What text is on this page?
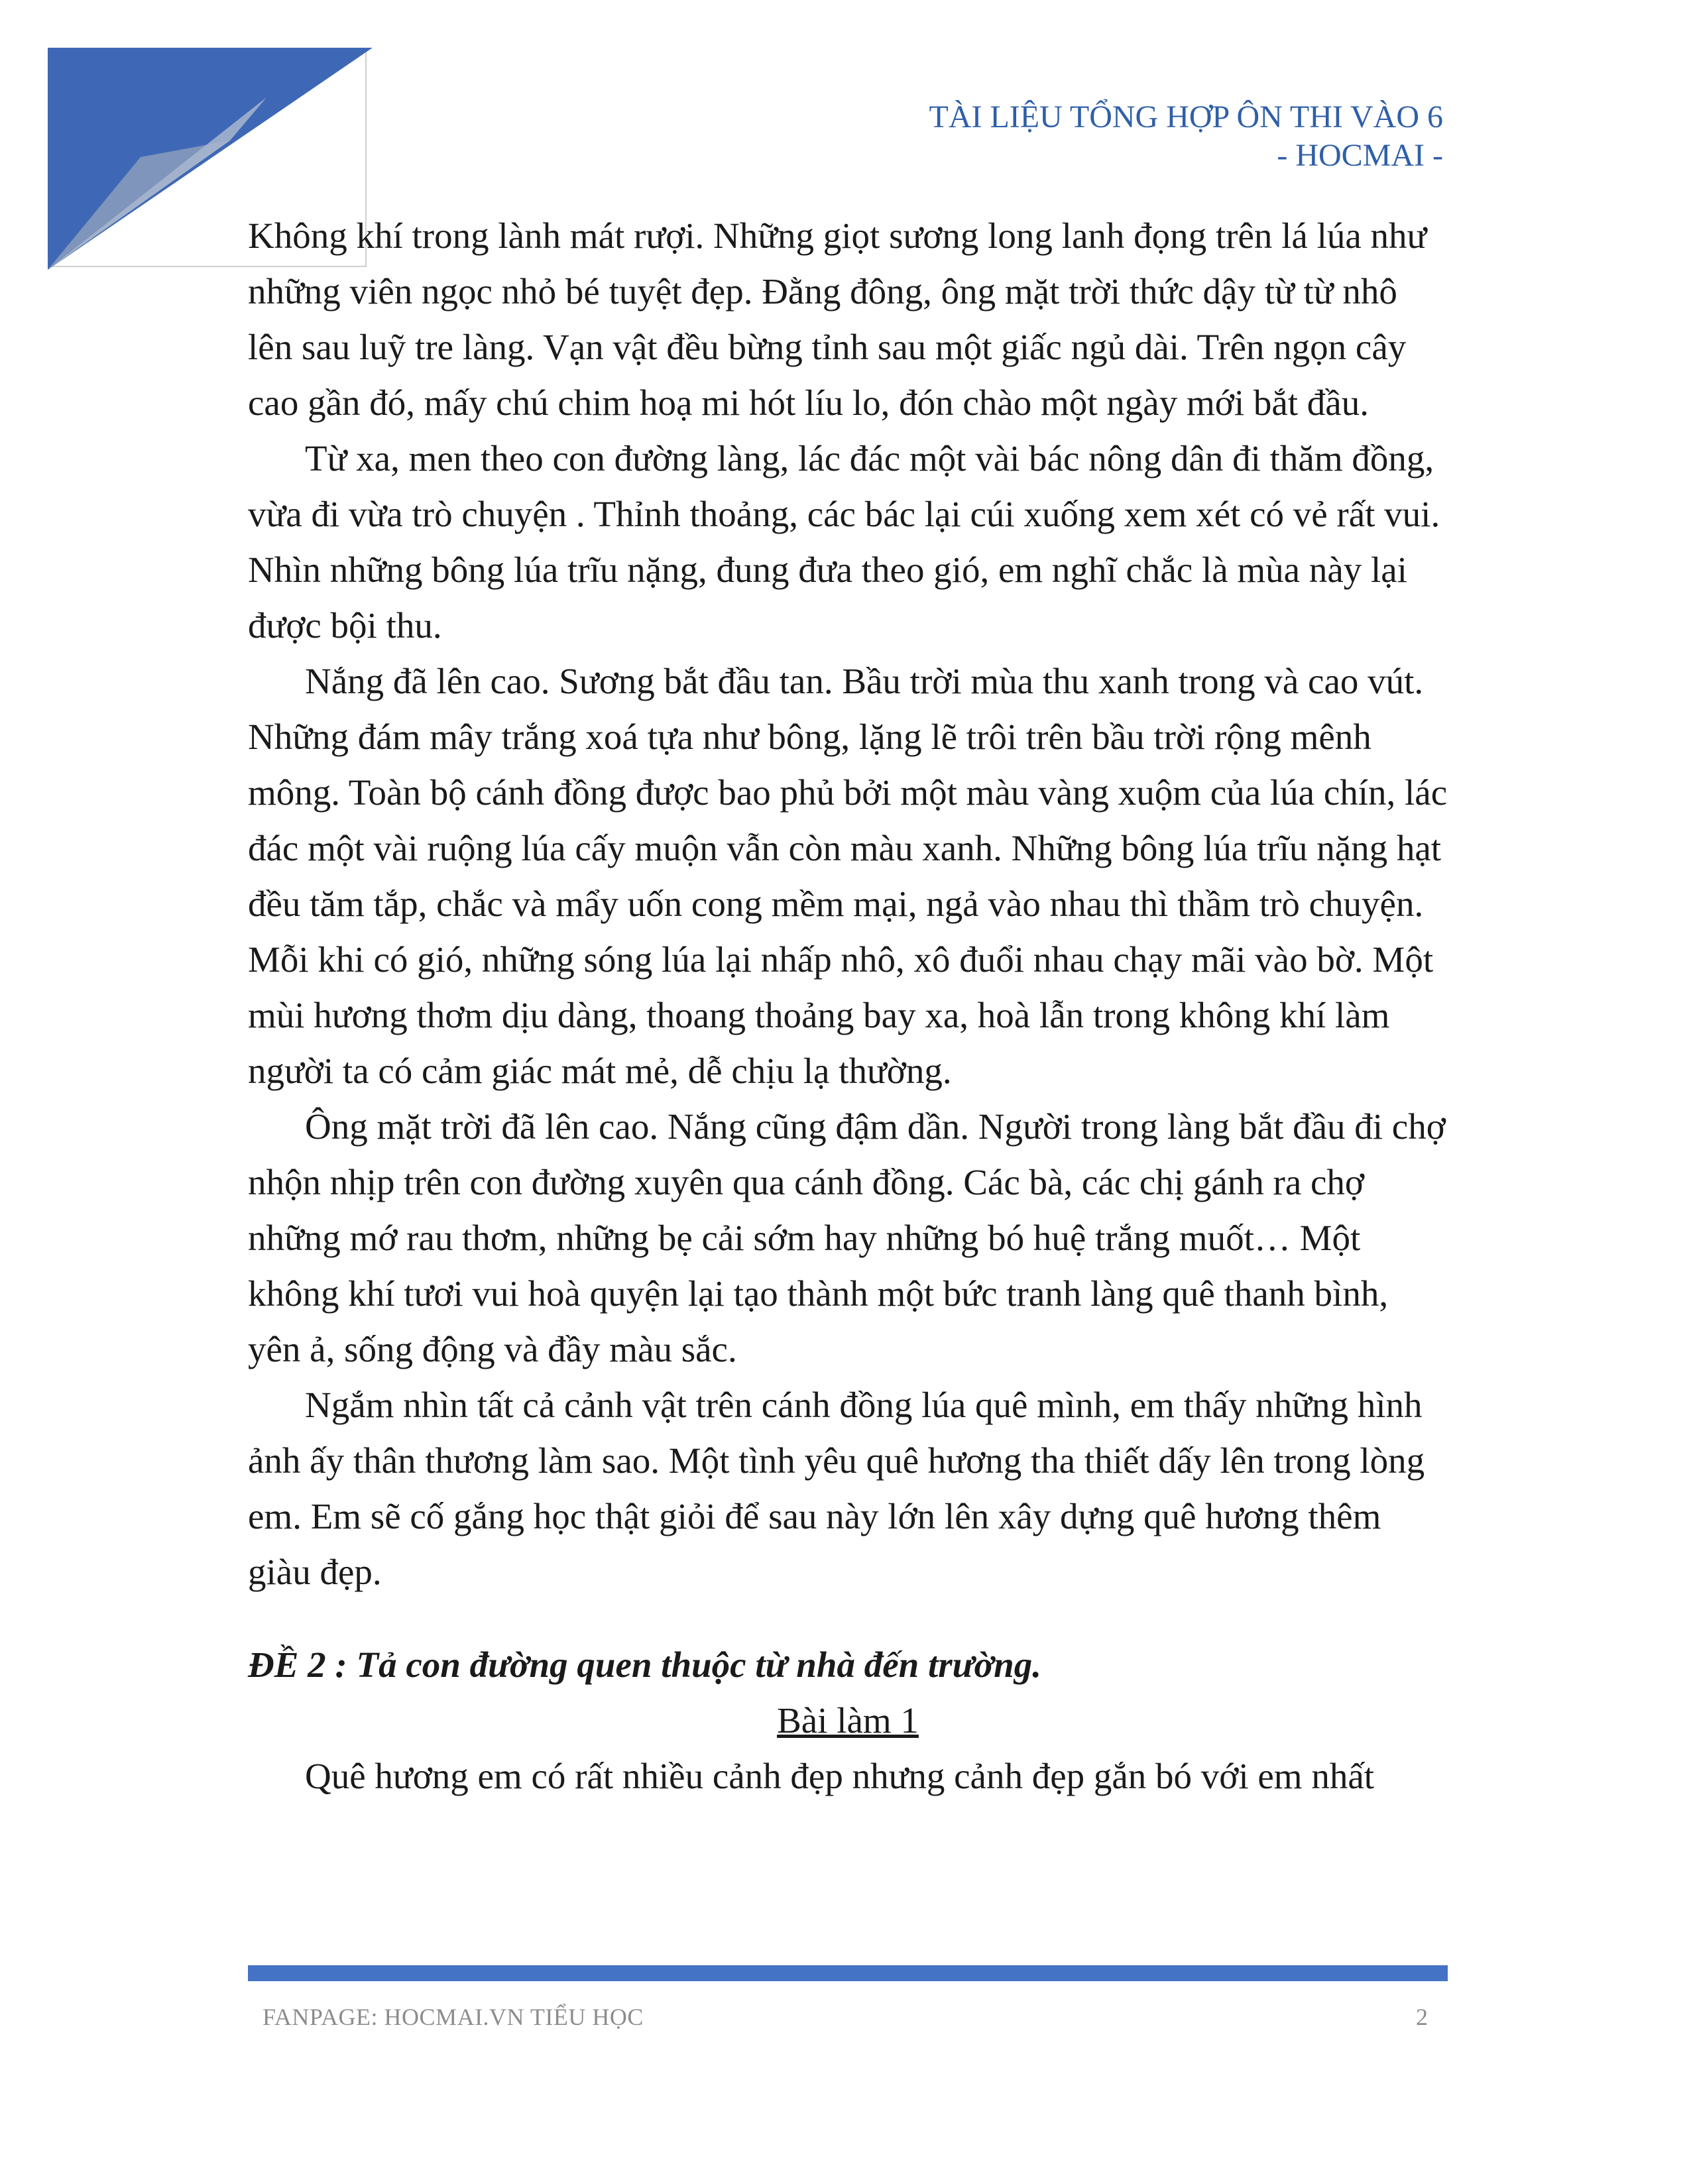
TÀI LIỆU TỔNG HỢP ÔN THI VÀO 6
- HOCMAI -

Không khí trong lành mát rượi. Những giọt sương long lanh đọng trên lá lúa như những viên ngọc nhỏ bé tuyệt đẹp. Đằng đông, ông mặt trời thức dậy từ từ nhô lên sau luỹ tre làng. Vạn vật đều bừng tỉnh sau một giấc ngủ dài. Trên ngọn cây cao gần đó, mấy chú chim hoạ mi hót líu lo, đón chào một ngày mới bắt đầu.

Từ xa, men theo con đường làng, lác đác một vài bác nông dân đi thăm đồng, vừa đi vừa trò chuyện . Thỉnh thoảng, các bác lại cúi xuống xem xét có vẻ rất vui. Nhìn những bông lúa trĩu nặng, đung đưa theo gió, em nghĩ chắc là mùa này lại được bội thu.

Nắng đã lên cao. Sương bắt đầu tan. Bầu trời mùa thu xanh trong và cao vút. Những đám mây trắng xoá tựa như bông, lặng lẽ trôi trên bầu trời rộng mênh mông. Toàn bộ cánh đồng được bao phủ bởi một màu vàng xuộm của lúa chín, lác đác một vài ruộng lúa cấy muộn vẫn còn màu xanh. Những bông lúa trĩu nặng hạt đều tăm tắp, chắc và mẩy uốn cong mềm mại, ngả vào nhau thì thầm trò chuyện. Mỗi khi có gió, những sóng lúa lại nhấp nhô, xô đuổi nhau chạy mãi vào bờ. Một mùi hương thơm dịu dàng, thoang thoảng bay xa, hoà lẫn trong không khí làm người ta có cảm giác mát mẻ, dễ chịu lạ thường.

Ông mặt trời đã lên cao. Nắng cũng đậm dần. Người trong làng bắt đầu đi chợ nhộn nhịp trên con đường xuyên qua cánh đồng. Các bà, các chị gánh ra chợ những mớ rau thơm, những bẹ cải sớm hay những bó huệ trắng muốt… Một không khí tươi vui hoà quyện lại tạo thành một bức tranh làng quê thanh bình, yên ả, sống động và đầy màu sắc.

Ngắm nhìn tất cả cảnh vật trên cánh đồng lúa quê mình, em thấy những hình ảnh ấy thân thương làm sao. Một tình yêu quê hương tha thiết dấy lên trong lòng em. Em sẽ cố gắng học thật giỏi để sau này lớn lên xây dựng quê hương thêm giàu đẹp.

ĐỀ 2 : Tả con đường quen thuộc từ nhà đến trường.
Bài làm 1

Quê hương em có rất nhiều cảnh đẹp nhưng cảnh đẹp gắn bó với em nhất

FANPAGE: HOCMAI.VN TIỂU HỌC	2
